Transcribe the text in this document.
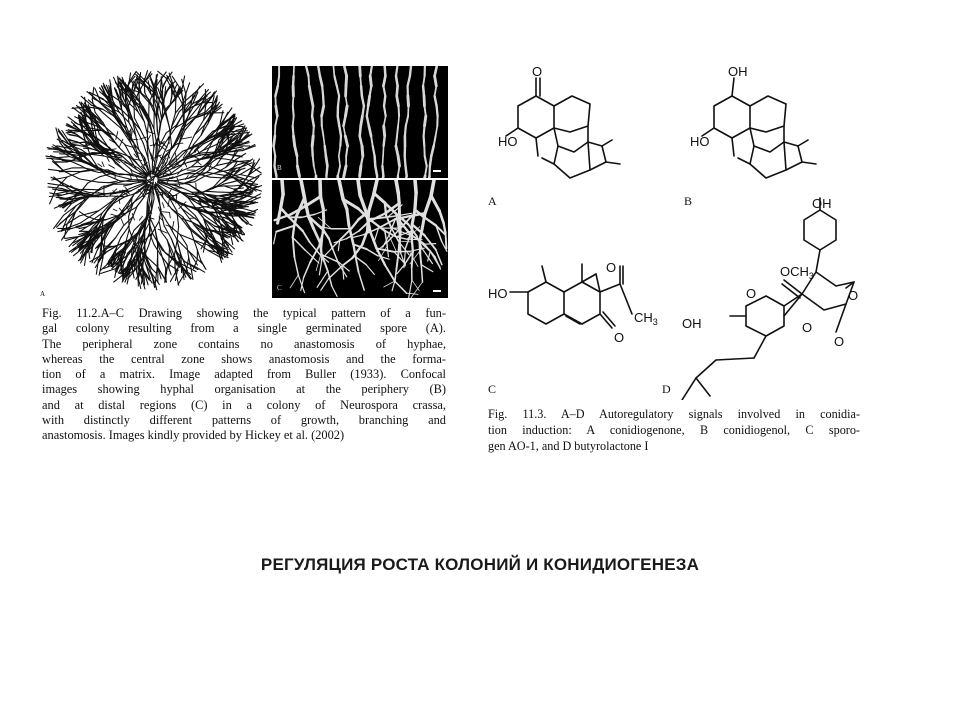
B
C
A
Fig. 11.2.A–C Drawing showing the typical pattern of a fun-
gal colony resulting from a single germinated spore (A).
The peripheral zone contains no anastomosis of hyphae,
whereas the central zone shows anastomosis and the forma-
tion of a matrix. Image adapted from Buller (1933). Confocal
images showing hyphal organisation at the periphery (B)
and at distal regions (C) in a colony of Neurospora crassa,
with distinctly different patterns of growth, branching and
anastomosis. Images kindly provided by Hickey et al. (2002)
O
HO
OH
HO
HO
O
$CH_3$
O
OH
$OCH_3$
O	O
O
O
OH
A	B
C	D
Fig. 11.3. A–D Autoregulatory signals involved in conidia-
tion induction: A conidiogenone, B conidiogenol, C sporo-
gen AO-1, and D butyrolactone I
РЕГУЛЯЦИЯ РОСТА КОЛОНИЙ И КОНИДИОГЕНЕЗА
